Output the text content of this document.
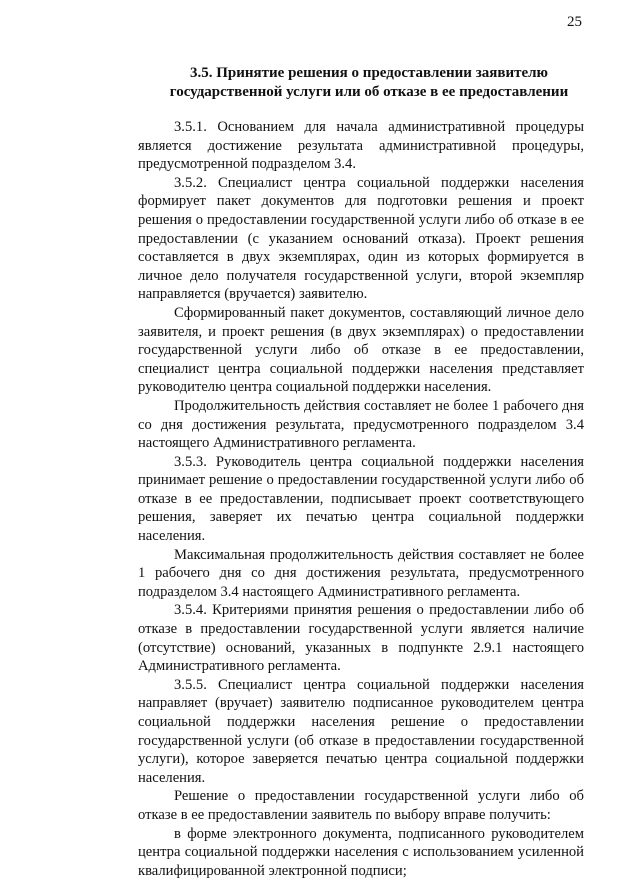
25
3.5. Принятие решения о предоставлении заявителю государственной услуги или об отказе в ее предоставлении

3.5.1. Основанием для начала административной процедуры является достижение результата административной процедуры, предусмотренной подразделом 3.4.

3.5.2. Специалист центра социальной поддержки населения формирует пакет документов для подготовки решения и проект решения о предоставлении государственной услуги либо об отказе в ее предоставлении (с указанием оснований отказа). Проект решения составляется в двух экземплярах, один из которых формируется в личное дело получателя государственной услуги, второй экземпляр направляется (вручается) заявителю.

Сформированный пакет документов, составляющий личное дело заявителя, и проект решения (в двух экземплярах) о предоставлении государственной услуги либо об отказе в ее предоставлении, специалист центра социальной поддержки населения представляет руководителю центра социальной поддержки населения.

Продолжительность действия составляет не более 1 рабочего дня со дня достижения результата, предусмотренного подразделом 3.4 настоящего Административного регламента.

3.5.3. Руководитель центра социальной поддержки населения принимает решение о предоставлении государственной услуги либо об отказе в ее предоставлении, подписывает проект соответствующего решения, заверяет их печатью центра социальной поддержки населения.

Максимальная продолжительность действия составляет не более 1 рабочего дня со дня достижения результата, предусмотренного подразделом 3.4 настоящего Административного регламента.

3.5.4. Критериями принятия решения о предоставлении либо об отказе в предоставлении государственной услуги является наличие (отсутствие) оснований, указанных в подпункте 2.9.1 настоящего Административного регламента.

3.5.5. Специалист центра социальной поддержки населения направляет (вручает) заявителю подписанное руководителем центра социальной поддержки населения решение о предоставлении государственной услуги (об отказе в предоставлении государственной услуги), которое заверяется печатью центра социальной поддержки населения.

Решение о предоставлении государственной услуги либо об отказе в ее предоставлении заявитель по выбору вправе получить:

в форме электронного документа, подписанного руководителем центра социальной поддержки населения с использованием усиленной квалифицированной электронной подписи;
